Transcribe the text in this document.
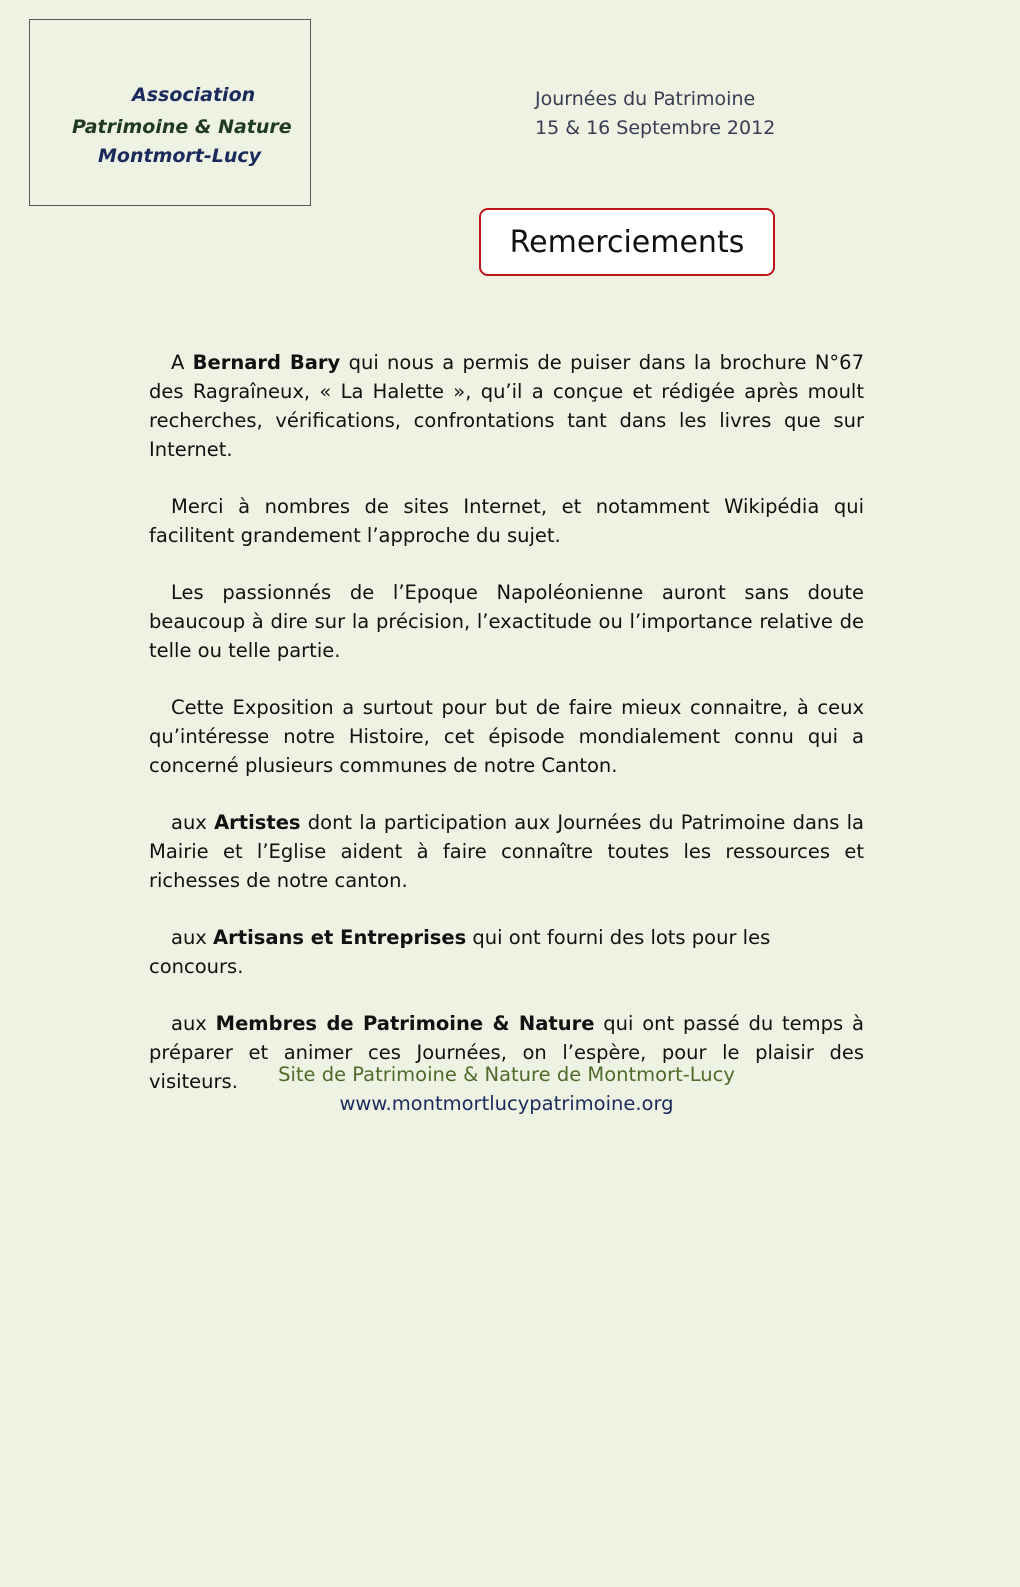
Association
Patrimoine & Nature
Montmort-Lucy
Journées du Patrimoine
15 & 16 Septembre 2012
Remerciements

A Bernard Bary qui nous a permis de puiser dans la brochure N°67 des Ragraîneux, « La Halette », qu’il a conçue et rédigée après moult recherches, vérifications, confrontations tant dans les livres que sur Internet.

Merci à nombres de sites Internet, et notamment Wikipédia qui facilitent grandement l’approche du sujet.

Les passionnés de l’Epoque Napoléonienne auront sans doute beaucoup à dire sur la précision, l’exactitude ou l’importance relative de telle ou telle partie.

Cette Exposition a surtout pour but de faire mieux connaitre, à ceux qu’intéresse notre Histoire, cet épisode mondialement connu qui a concerné plusieurs communes de notre Canton.

aux Artistes dont la participation aux Journées du Patrimoine dans la Mairie et l’Eglise aident à faire connaître toutes les ressources et richesses de notre canton.

aux Artisans et Entreprises qui ont fourni des lots pour les concours.

aux Membres de Patrimoine & Nature qui ont passé du temps à préparer et animer ces Journées, on l’espère, pour le plaisir des visiteurs.	Site de Patrimoine & Nature de Montmort-Lucy
www.montmortlucypatrimoine.org
